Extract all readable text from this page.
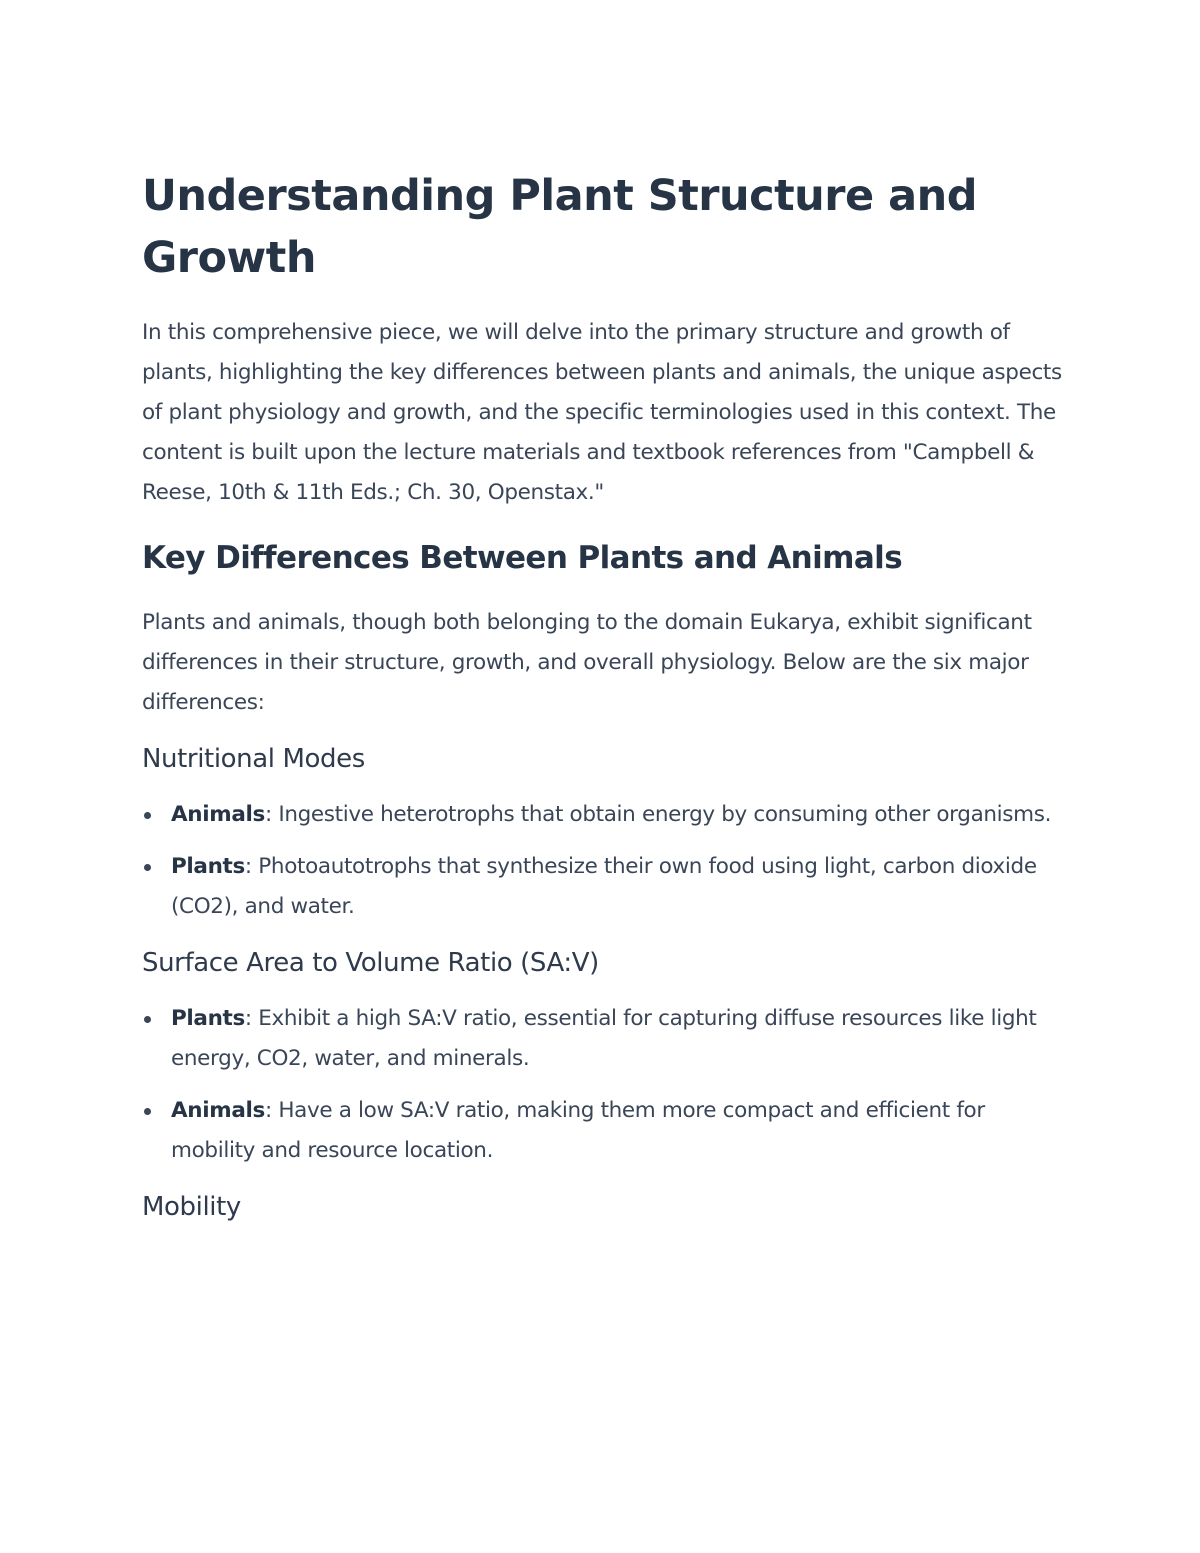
Understanding Plant Structure and Growth

In this comprehensive piece, we will delve into the primary structure and growth of plants, highlighting the key differences between plants and animals, the unique aspects of plant physiology and growth, and the specific terminologies used in this context. The content is built upon the lecture materials and textbook references from "Campbell & Reese, 10th & 11th Eds.; Ch. 30, Openstax."

Key Differences Between Plants and Animals

Plants and animals, though both belonging to the domain Eukarya, exhibit significant differences in their structure, growth, and overall physiology. Below are the six major differences:

Nutritional Modes
Animals: Ingestive heterotrophs that obtain energy by consuming other organisms.
Plants: Photoautotrophs that synthesize their own food using light, carbon dioxide (CO2), and water.
Surface Area to Volume Ratio (SA:V)
Plants: Exhibit a high SA:V ratio, essential for capturing diffuse resources like light energy, CO2, water, and minerals.
Animals: Have a low SA:V ratio, making them more compact and efficient for mobility and resource location.
Mobility
